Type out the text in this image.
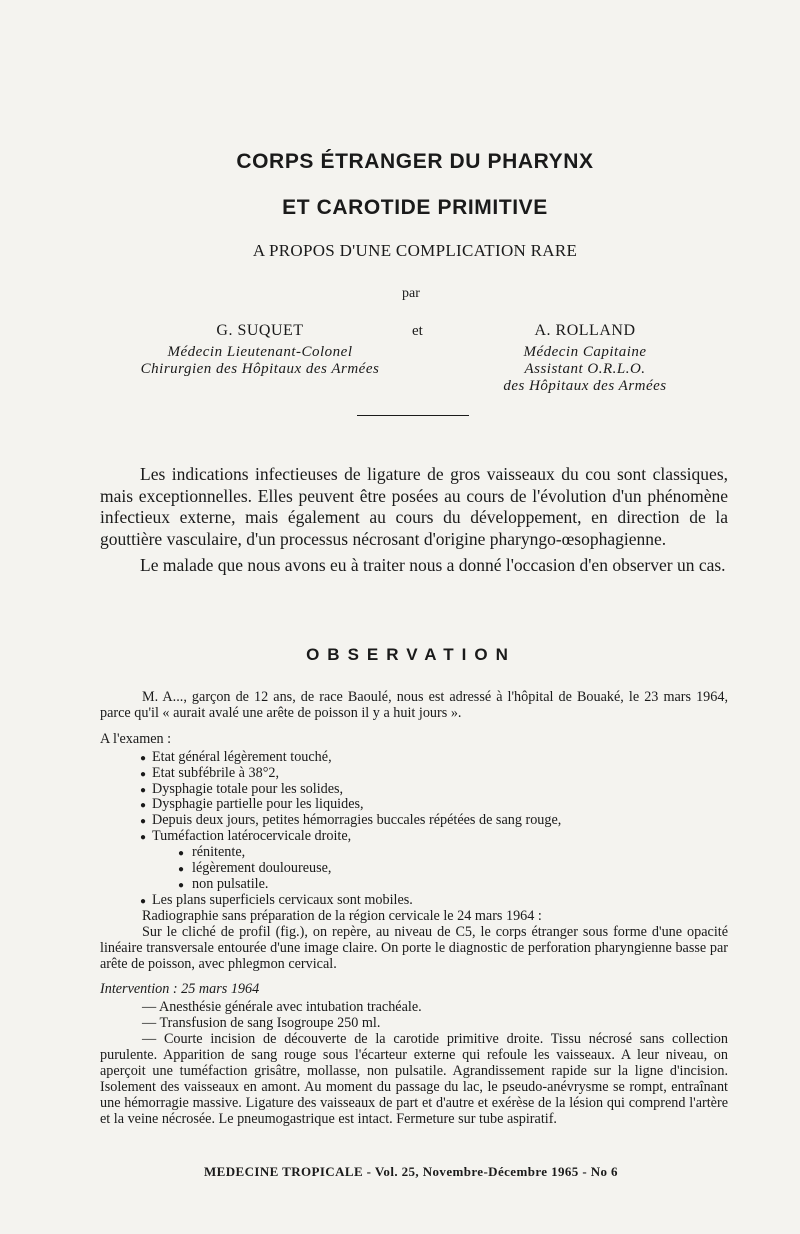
CORPS ÉTRANGER DU PHARYNX
ET CAROTIDE PRIMITIVE
A PROPOS D'UNE COMPLICATION RARE
par
G. SUQUET
Médecin Lieutenant-Colonel
Chirurgien des Hôpitaux des Armées
et	A. ROLLAND
Médecin Capitaine
Assistant O.R.L.O.
des Hôpitaux des Armées

Les indications infectieuses de ligature de gros vaisseaux du cou sont classiques, mais exceptionnelles. Elles peuvent être posées au cours de l'évolution d'un phénomène infectieux externe, mais également au cours du développement, en direction de la gouttière vasculaire, d'un processus nécrosant d'origine pharyngo-œsophagienne.

Le malade que nous avons eu à traiter nous a donné l'occasion d'en observer un cas.

OBSERVATION

M. A..., garçon de 12 ans, de race Baoulé, nous est adressé à l'hôpital de Bouaké, le 23 mars 1964, parce qu'il « aurait avalé une arête de poisson il y a huit jours ».

A l'examen :

● Etat général légèrement touché,
● Etat subfébrile à 38°2,
● Dysphagie totale pour les solides,
● Dysphagie partielle pour les liquides,
● Depuis deux jours, petites hémorragies buccales répétées de sang rouge,
● Tuméfaction latérocervicale droite,
● rénitente,
● légèrement douloureuse,
● non pulsatile.
● Les plans superficiels cervicaux sont mobiles.

Radiographie sans préparation de la région cervicale le 24 mars 1964 :

Sur le cliché de profil (fig.), on repère, au niveau de C5, le corps étranger sous forme d'une opacité linéaire transversale entourée d'une image claire. On porte le diagnostic de perforation pharyngienne basse par arête de poisson, avec phlegmon cervical.

Intervention : 25 mars 1964

— Anesthésie générale avec intubation trachéale.
— Transfusion de sang Isogroupe 250 ml.

— Courte incision de découverte de la carotide primitive droite. Tissu nécrosé sans collection purulente. Apparition de sang rouge sous l'écarteur externe qui refoule les vaisseaux. A leur niveau, on aperçoit une tuméfaction grisâtre, mollasse, non pulsatile. Agrandissement rapide sur la ligne d'incision. Isolement des vaisseaux en amont. Au moment du passage du lac, le pseudo-anévrysme se rompt, entraînant une hémorragie massive. Ligature des vaisseaux de part et d'autre et exérèse de la lésion qui comprend l'artère et la veine nécrosée. Le pneumogastrique est intact. Fermeture sur tube aspiratif.

MEDECINE TROPICALE - Vol. 25, Novembre-Décembre 1965 - No 6
